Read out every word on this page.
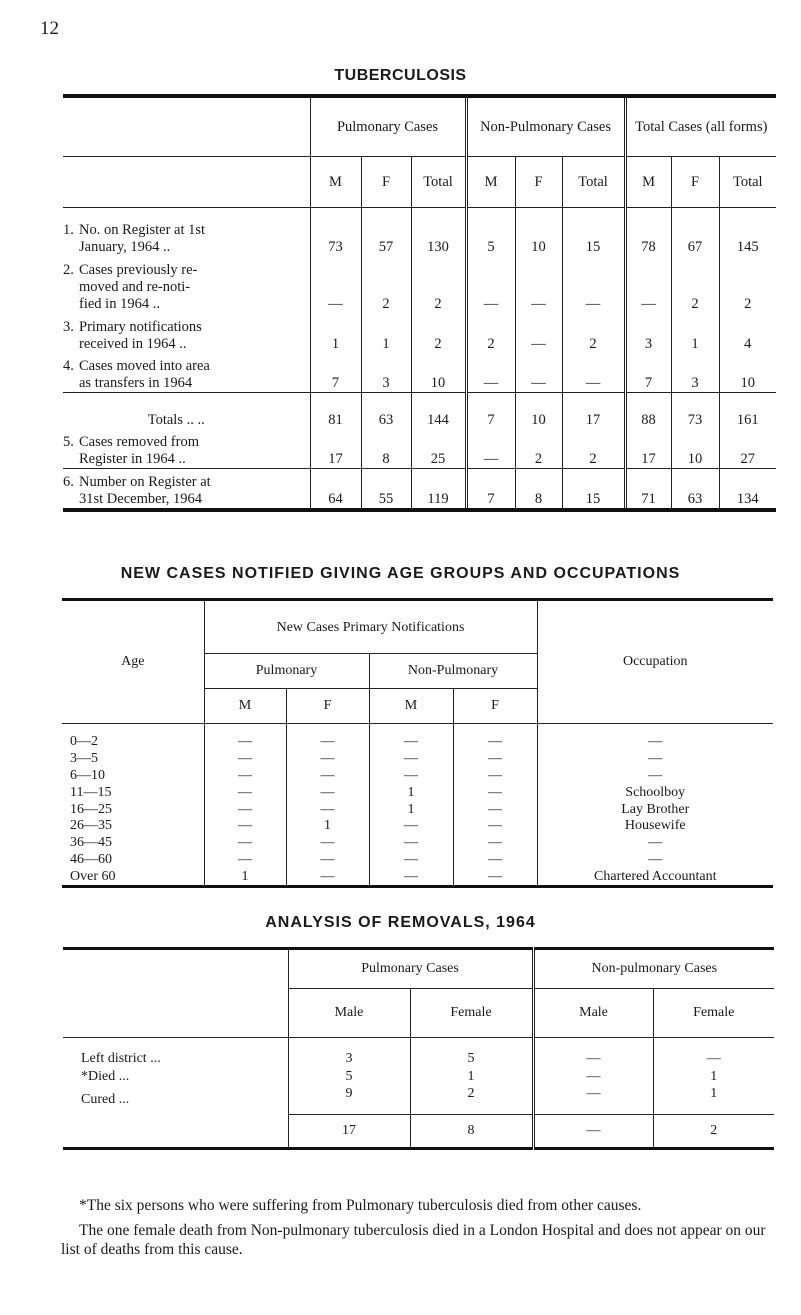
12
TUBERCULOSIS
	Pulmonary Cases			Non-Pulmonary Cases			Total Cases (all forms)		
	M	F	Total	M	F	Total	M	F	Total

1. No. on Register at 1st
January, 1964 ..	73	57	130	5	10	15	78	67	145

2. Cases previously re-
moved and re-noti-
fied in 1964 ..	—	2	2	—	—	—	—	2	2

3. Primary notifications
received in 1964 ..	1	1	2	2	—	2	3	1	4

4. Cases moved into area
as transfers in 1964	7	3	10	—	—	—	7	3	10

Totals .. ..	81	63	144	7	10	17	88	73	161

5. Cases removed from
Register in 1964 ..	17	8	25	—	2	2	17	10	27

6. Number on Register at
31st December, 1964	64	55	119	7	8	15	71	63	134
NEW CASES NOTIFIED GIVING AGE GROUPS AND OCCUPATIONS
Age	New Cases Primary Notifications				Occupation
	Pulmonary		Non-Pulmonary		
	M	F	M	F	
0—2	—	—	—	—	—
3—5	—	—	—	—	—
6—10	—	—	—	—	—
11—15	—	—	1	—	Schoolboy
16—25	—	—	1	—	Lay Brother
26—35	—	1	—	—	Housewife
36—45	—	—	—	—	—
46—60	—	—	—	—	—
Over 60	1	—	—	—	Chartered Accountant
ANALYSIS OF REMOVALS, 1964
	Pulmonary Cases		Non-pulmonary Cases	
	Male	Female	Male	Female
Left district ...	3	5	—	—
*Died ...	5	1	—	1
Cured ...	9	2	—	1
	17	8	—	2

*The six persons who were suffering from Pulmonary tuberculosis died from other causes.

The one female death from Non-pulmonary tuberculosis died in a London Hospital and does not appear on our list of deaths from this cause.
